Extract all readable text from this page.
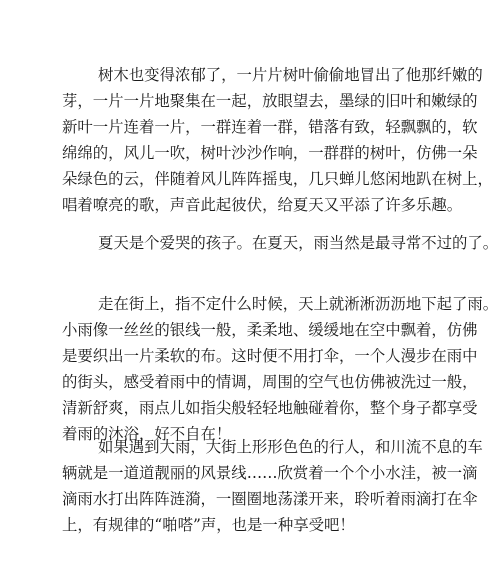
树木也变得浓郁了，一片片树叶偷偷地冒出了他那纤嫩的
芽，一片一片地聚集在一起，放眼望去，墨绿的旧叶和嫩绿的
新叶一片连着一片，一群连着一群，错落有致，轻飘飘的，软
绵绵的，风儿一吹，树叶沙沙作响，一群群的树叶，仿佛一朵
朵绿色的云，伴随着风儿阵阵摇曳，几只蝉儿悠闲地趴在树上，
唱着嘹亮的歌，声音此起彼伏，给夏天又平添了许多乐趣。
夏天是个爱哭的孩子。在夏天，雨当然是最寻常不过的了。
走在街上，指不定什么时候，天上就淅淅沥沥地下起了雨。
小雨像一丝丝的银线一般，柔柔地、缓缓地在空中飘着，仿佛
是要织出一片柔软的布。这时便不用打伞，一个人漫步在雨中
的街头，感受着雨中的情调，周围的空气也仿佛被洗过一般，
清新舒爽，雨点儿如指尖般轻轻地触碰着你，整个身子都享受
着雨的沐浴，好不自在！
如果遇到大雨，大街上形形色色的行人，和川流不息的车
辆就是一道道靓丽的风景线……欣赏着一个个小水洼，被一滴
滴雨水打出阵阵涟漪，一圈圈地荡漾开来，聆听着雨滴打在伞
上，有规律的“啪嗒”声，也是一种享受吧！
